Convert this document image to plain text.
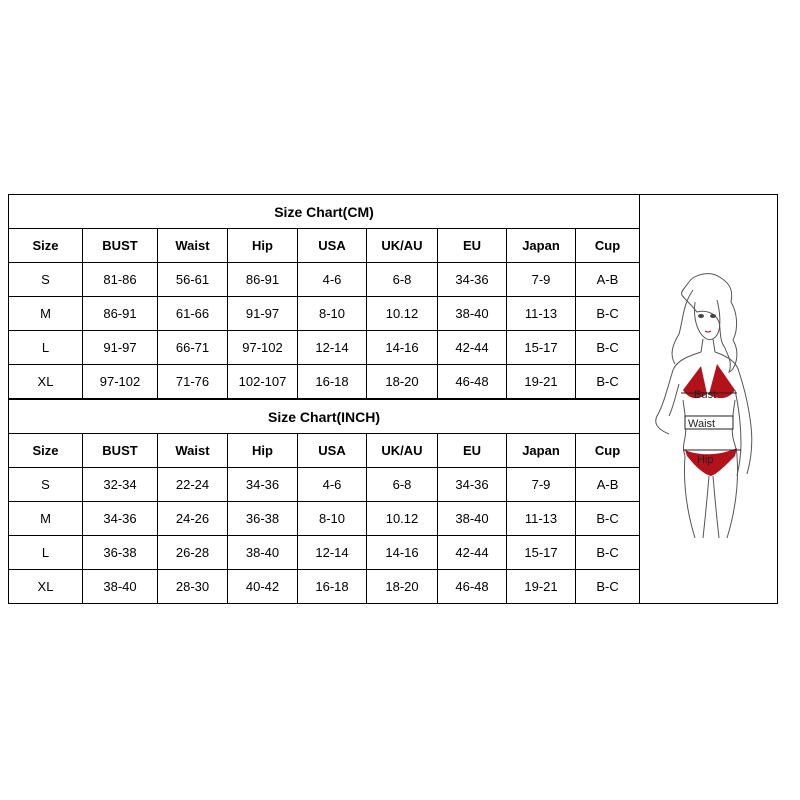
Size Chart(CM)								
Size	BUST	Waist	Hip	USA	UK/AU	EU	Japan	Cup
S	81-86	56-61	86-91	4-6	6-8	34-36	7-9	A-B
M	86-91	61-66	91-97	8-10	10.12	38-40	11-13	B-C
L	91-97	66-71	97-102	12-14	14-16	42-44	15-17	B-C
XL	97-102	71-76	102-107	16-18	18-20	46-48	19-21	B-C
Size Chart(INCH)								
Size	BUST	Waist	Hip	USA	UK/AU	EU	Japan	Cup
S	32-34	22-24	34-36	4-6	6-8	34-36	7-9	A-B
M	34-36	24-26	36-38	8-10	10.12	38-40	11-13	B-C
L	36-38	26-28	38-40	12-14	14-16	42-44	15-17	B-C
XL	38-40	28-30	40-42	16-18	18-20	46-48	19-21	B-C
Bust
Waist
Hip
